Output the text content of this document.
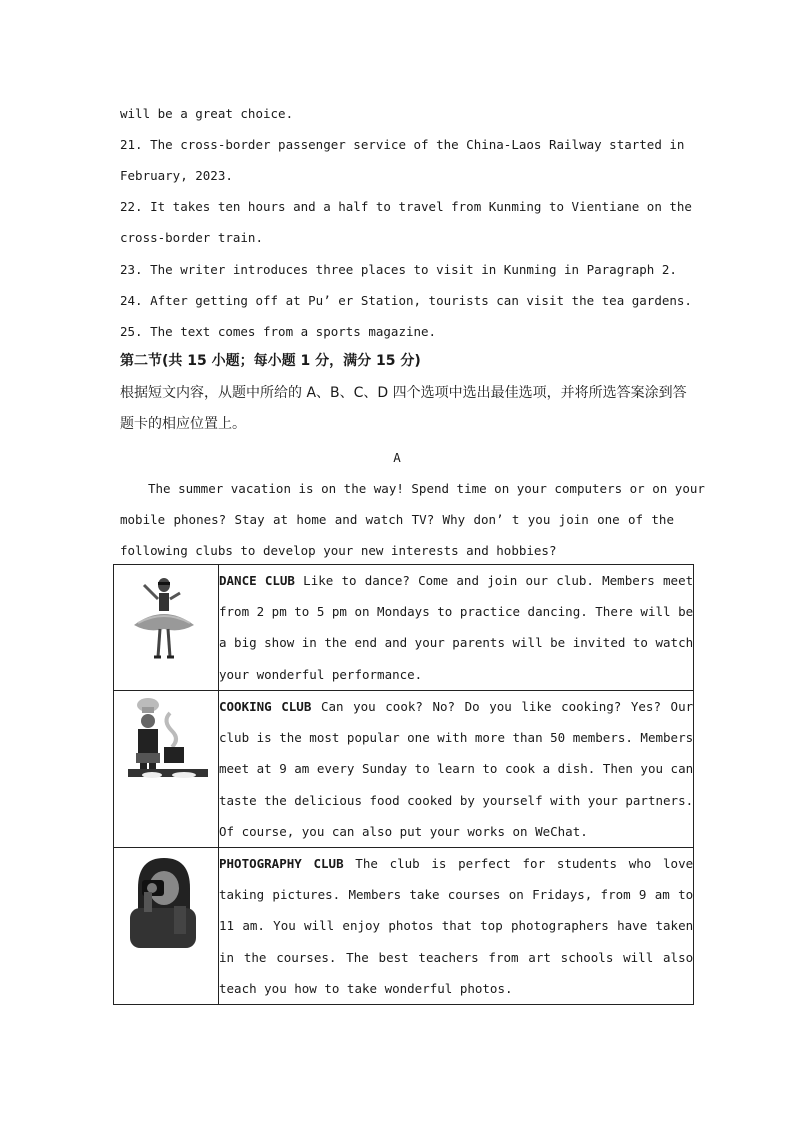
will be a great choice.
21. The cross-border passenger service of the China-Laos Railway started in
February, 2023.
22. It takes ten hours and a half to travel from Kunming to Vientiane on the
cross-border train.
23. The writer introduces three places to visit in Kunming in Paragraph 2.
24. After getting off at Pu’ er Station, tourists can visit the tea gardens.
25. The text comes from a sports magazine.
第二节(共 15 小题；每小题 1 分，满分 15 分)
根据短文内容，从题中所给的 A、B、C、D 四个选项中选出最佳选项，并将所选答案涂到答
题卡的相应位置上。
A
The summer vacation is on the way! Spend time on your computers or on your
mobile phones? Stay at home and watch TV? Why don’ t you join one of the
following clubs to develop your new interests and hobbies?

DANCE CLUB Like to dance? Come and join our club. Members meet
from 2 pm to 5 pm on Mondays to practice dancing. There will be
a big show in the end and your parents will be invited to watch
your wonderful performance.

COOKING CLUB Can you cook? No? Do you like cooking? Yes? Our
club is the most popular one with more than 50 members. Members
meet at 9 am every Sunday to learn to cook a dish. Then you can
taste the delicious food cooked by yourself with your partners.
Of course, you can also put your works on WeChat.

PHOTOGRAPHY CLUB The club is perfect for students who love
taking pictures. Members take courses on Fridays, from 9 am to
11 am. You will enjoy photos that top photographers have taken
in the courses. The best teachers from art schools will also
teach you how to take wonderful photos.
